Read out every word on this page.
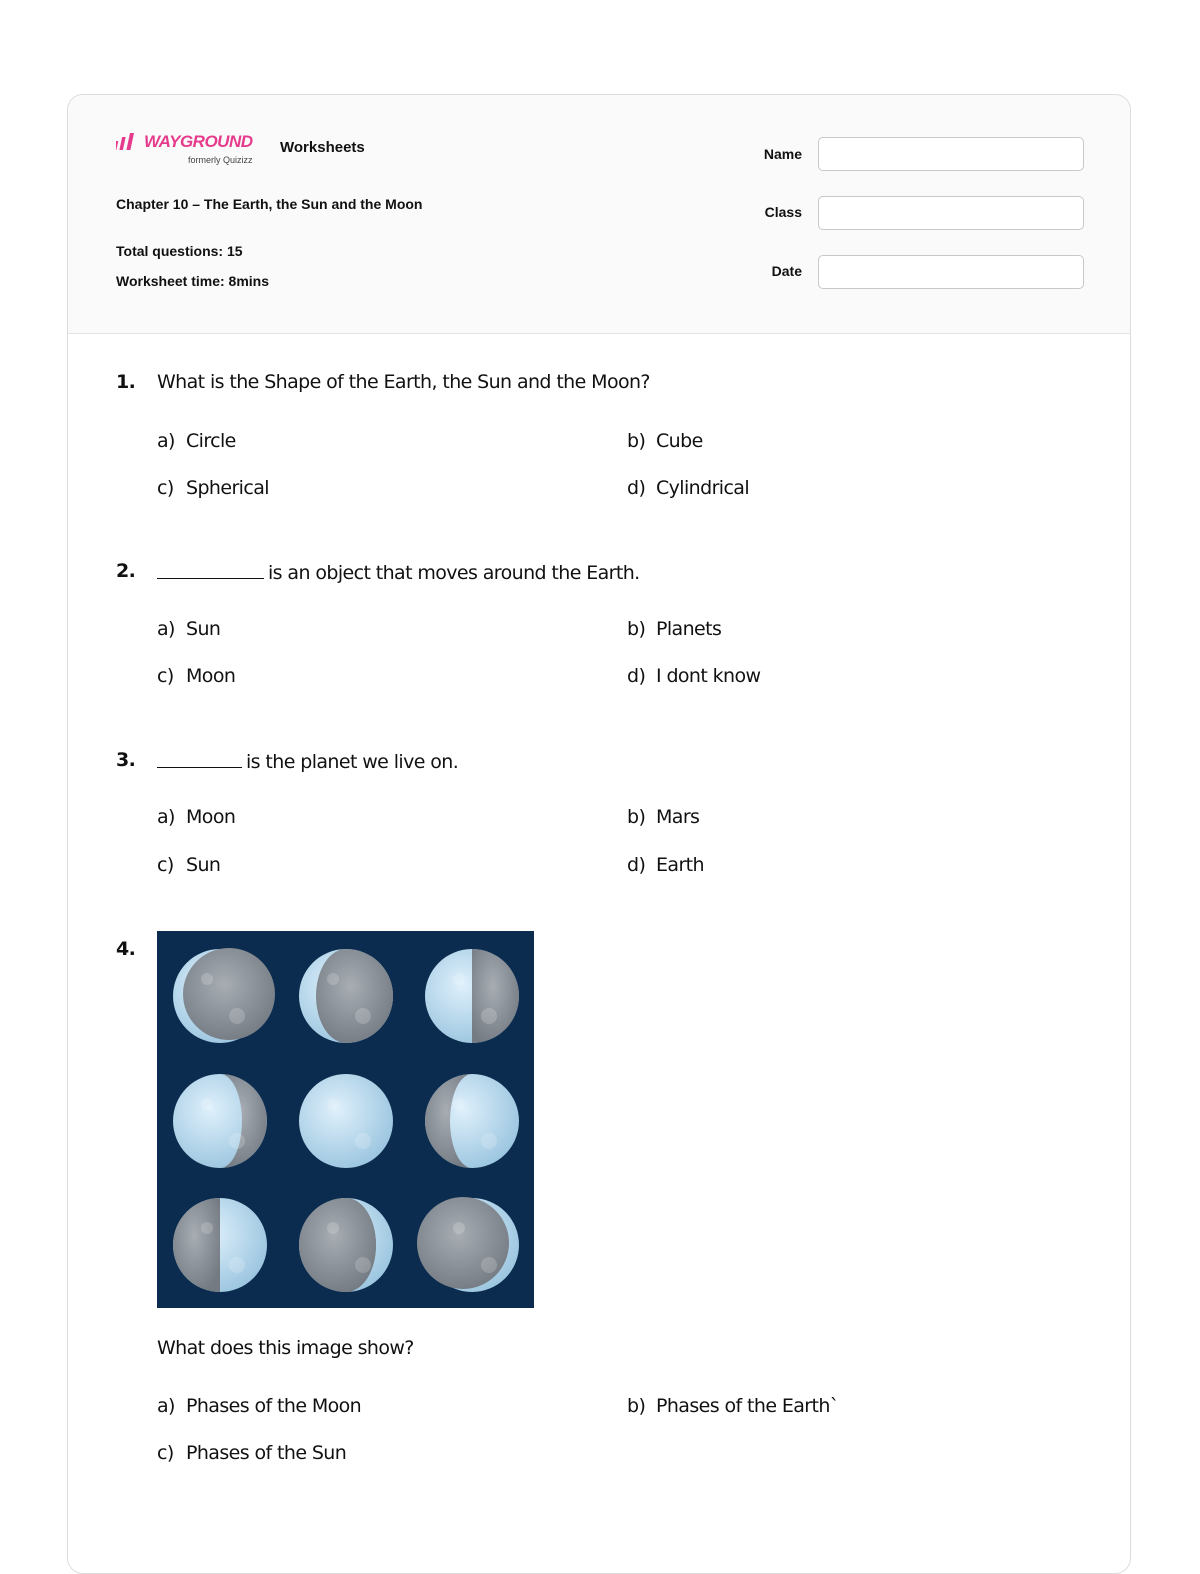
WAYGROUND
formerly Quizizz
Worksheets
Chapter 10 – The Earth, the Sun and the Moon
Total questions: 15
Worksheet time: 8mins
Name
Class
Date
1. What is the Shape of the Earth, the Sun and the Moon?
a) Circle	b) Cube
c) Spherical	d) Cylindrical
2.	is an object that moves around the Earth.
a) Sun	b) Planets
c) Moon	d) I dont know
3.	is the planet we live on.
a) Moon	b) Mars
c) Sun	d) Earth
4.
What does this image show?
a) Phases of the Moon	b) Phases of the Earth`
c) Phases of the Sun
